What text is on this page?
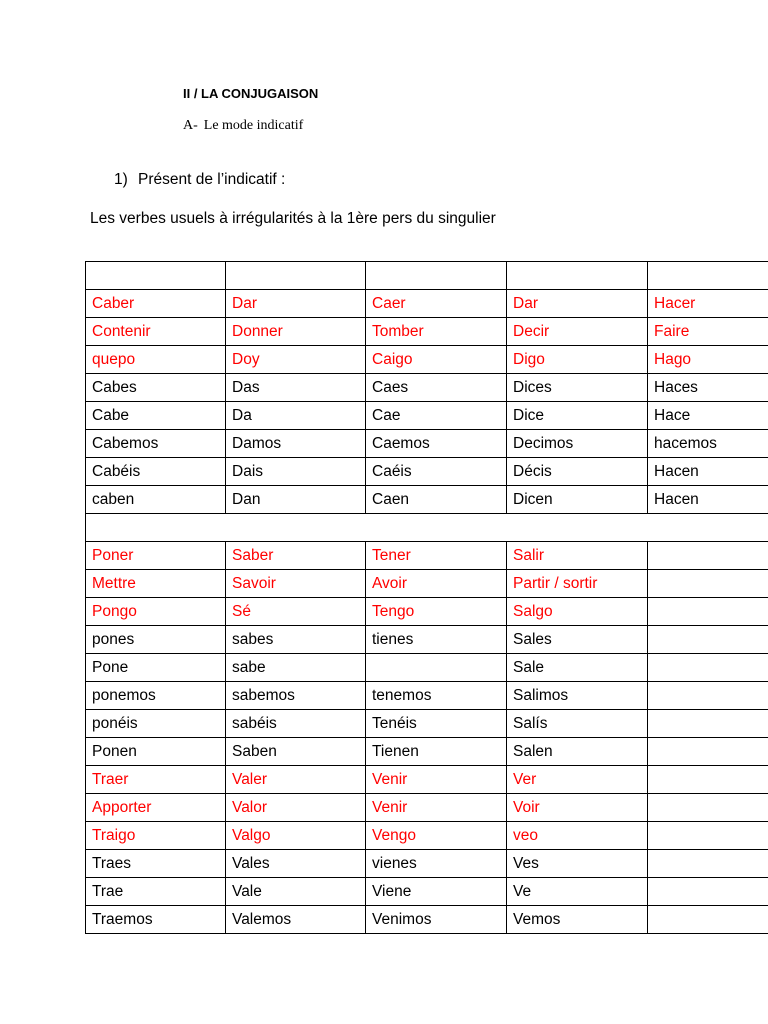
II / LA CONJUGAISON
A- Le mode indicatif
1) Présent de l’indicatif :
Les verbes usuels à irrégularités à la 1ère pers du singulier

Caber	Dar	Caer	Dar	Hacer
Contenir	Donner	Tomber	Decir	Faire
quepo	Doy	Caigo	Digo	Hago
Cabes	Das	Caes	Dices	Haces
Cabe	Da	Cae	Dice	Hace
Cabemos	Damos	Caemos	Decimos	hacemos
Cabéis	Dais	Caéis	Décis	Hacen
caben	Dan	Caen	Dicen	Hacen

Poner	Saber	Tener	Salir	
Mettre	Savoir	Avoir	Partir / sortir	
Pongo	Sé	Tengo	Salgo	
pones	sabes	tienes	Sales	
Pone	sabe		Sale	
ponemos	sabemos	tenemos	Salimos	
ponéis	sabéis	Tenéis	Salís	
Ponen	Saben	Tienen	Salen	
Traer	Valer	Venir	Ver	
Apporter	Valor	Venir	Voir	
Traigo	Valgo	Vengo	veo	
Traes	Vales	vienes	Ves	
Trae	Vale	Viene	Ve	
Traemos	Valemos	Venimos	Vemos	
